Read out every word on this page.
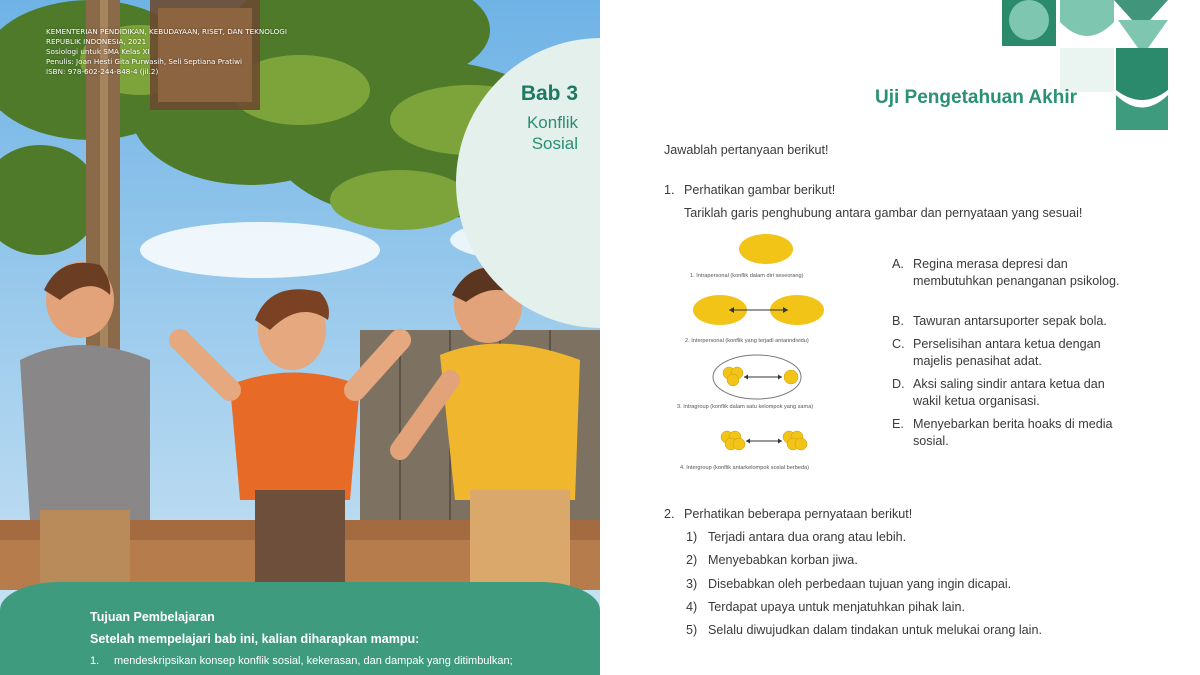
KEMENTERIAN PENDIDIKAN, KEBUDAYAAN, RISET, DAN TEKNOLOGI
REPUBLIK INDONESIA, 2021
Sosiologi untuk SMA Kelas XI
Penulis: Joan Hesti Gita Purwasih, Seli Septiana Pratiwi
ISBN: 978-602-244-848-4 (jil.2)
Bab 3
Konflik
Sosial
Tujuan Pembelajaran
Setelah mempelajari bab ini, kalian diharapkan mampu:
1. mendeskripsikan konsep konflik sosial, kekerasan, dan dampak yang ditimbulkan;
Uji Pengetahuan Akhir
Jawablah pertanyaan berikut!
1. Perhatikan gambar berikut!
Tariklah garis penghubung antara gambar dan pernyataan yang sesuai!
1. Intrapersonal (konflik dalam diri seseorang)
2. Interpersonal (konflik yang terjadi antarindividu)
3. Intragroup (konflik dalam satu kelompok yang sama)
4. Intergroup (konflik antarkelompok sosial berbeda)
A. Regina merasa depresi dan membutuhkan penanganan psikolog.
B. Tawuran antarsuporter sepak bola.
C. Perselisihan antara ketua dengan majelis penasihat adat.
D. Aksi saling sindir antara ketua dan wakil ketua organisasi.
E. Menyebarkan berita hoaks di media sosial.
2. Perhatikan beberapa pernyataan berikut!
1) Terjadi antara dua orang atau lebih.
2) Menyebabkan korban jiwa.
3) Disebabkan oleh perbedaan tujuan yang ingin dicapai.
4) Terdapat upaya untuk menjatuhkan pihak lain.
5) Selalu diwujudkan dalam tindakan untuk melukai orang lain.
